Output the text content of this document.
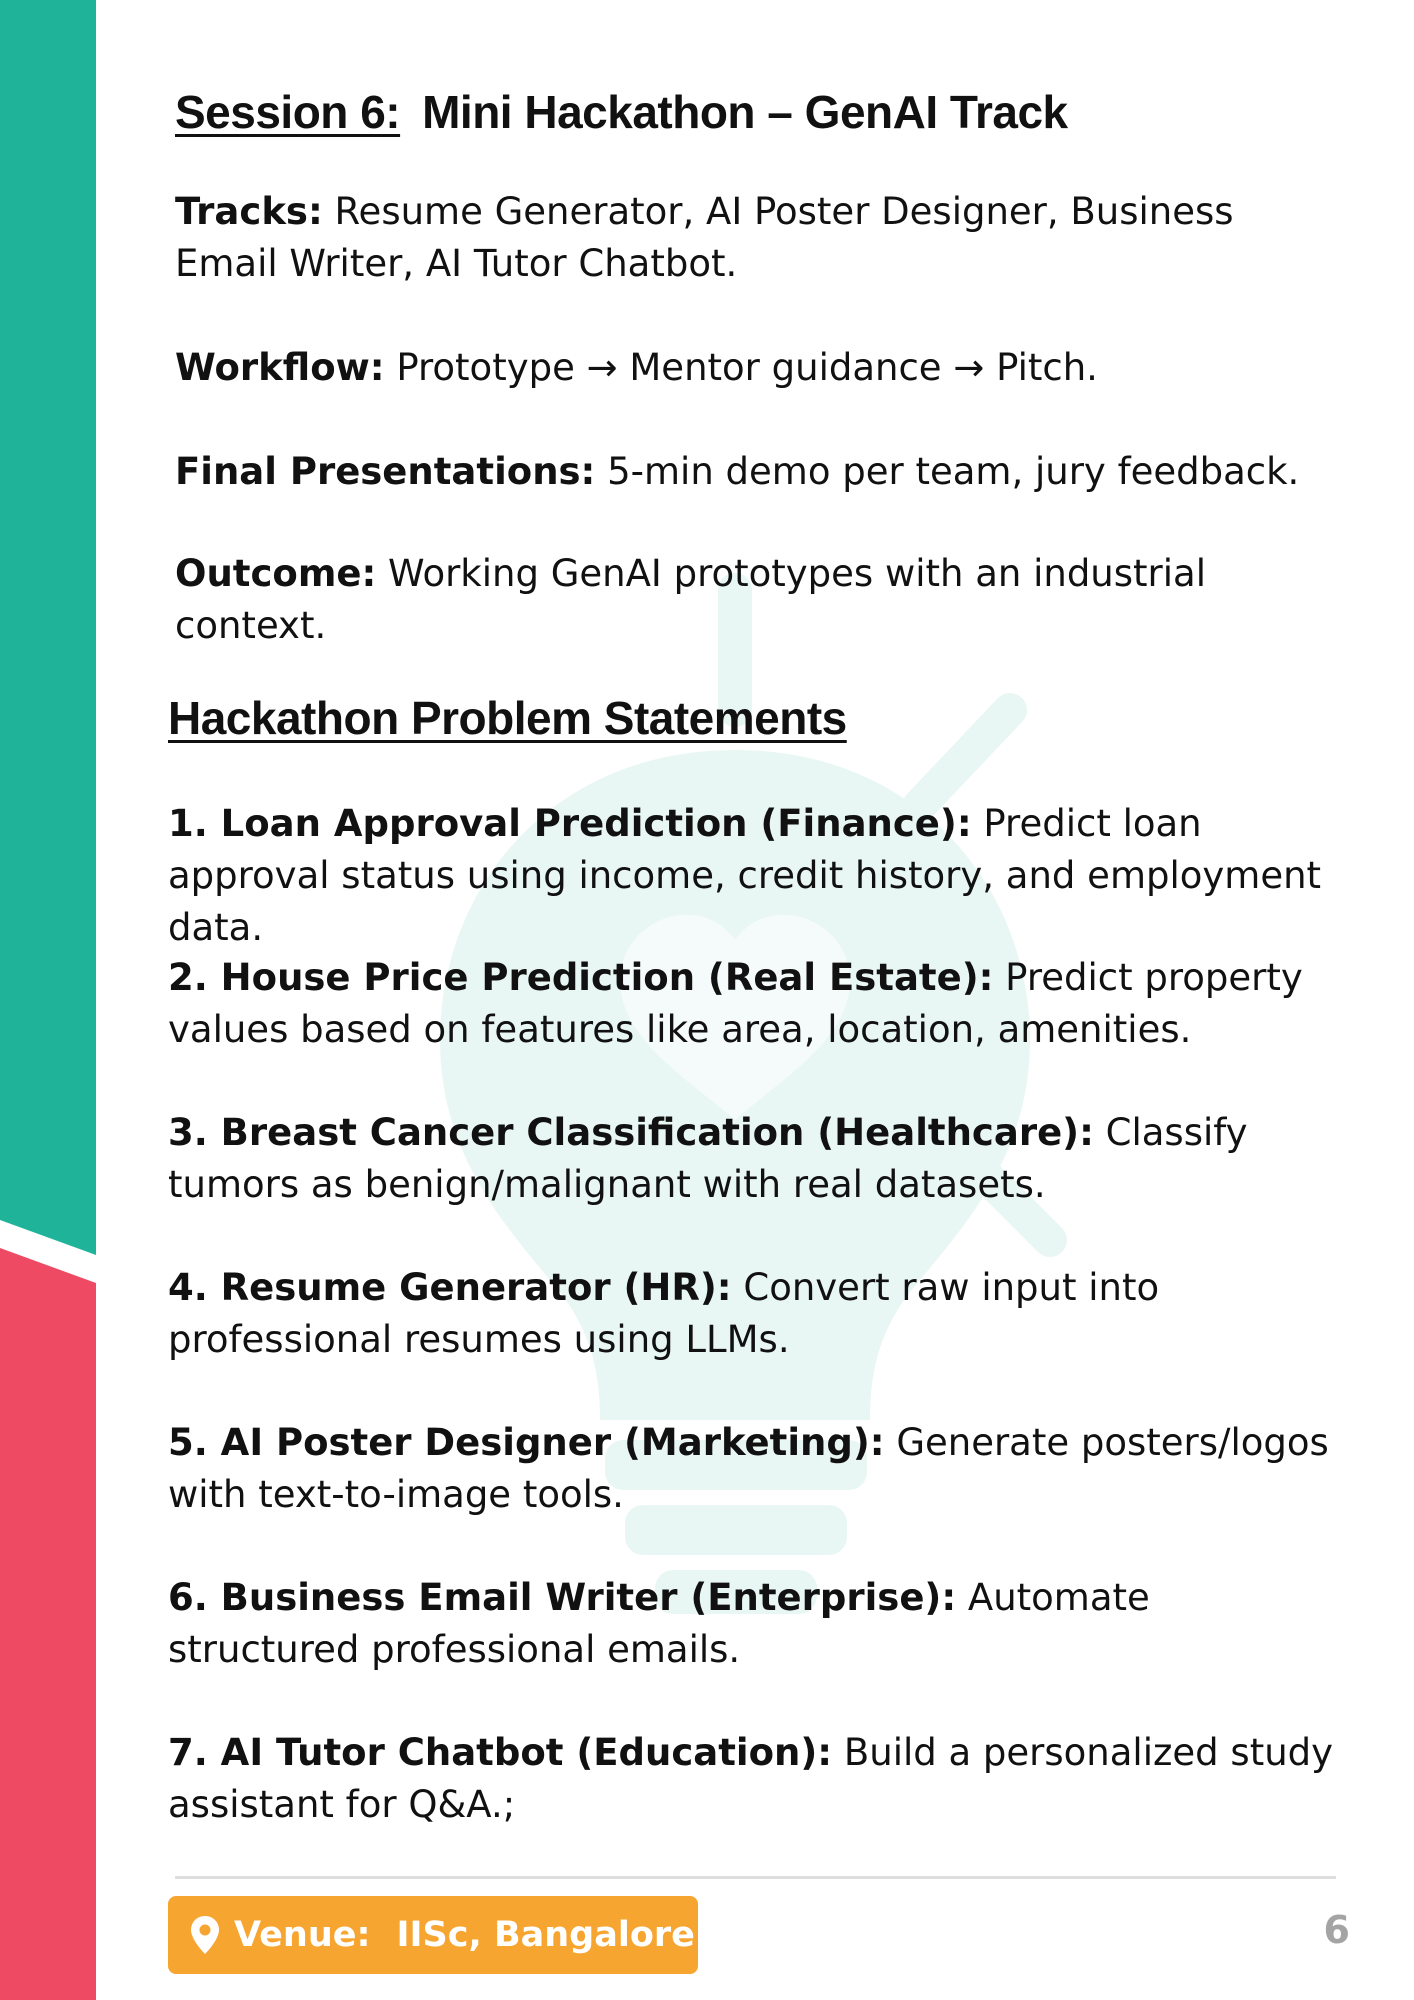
Session 6: Mini Hackathon – GenAI Track

Tracks: Resume Generator, AI Poster Designer, Business Email Writer, AI Tutor Chatbot.

Workflow: Prototype → Mentor guidance → Pitch.

Final Presentations: 5-min demo per team, jury feedback.

Outcome: Working GenAI prototypes with an industrial context.

Hackathon Problem Statements

1. Loan Approval Prediction (Finance): Predict loan approval status using income, credit history, and employment data.

2. House Price Prediction (Real Estate): Predict property values based on features like area, location, amenities.

3. Breast Cancer Classification (Healthcare): Classify tumors as benign/malignant with real datasets.

4. Resume Generator (HR): Convert raw input into professional resumes using LLMs.

5. AI Poster Designer (Marketing): Generate posters/logos with text-to-image tools.

6. Business Email Writer (Enterprise): Automate structured professional emails.

7. AI Tutor Chatbot (Education): Build a personalized study assistant for Q&A.;

Venue: IISc, Bangalore	6
